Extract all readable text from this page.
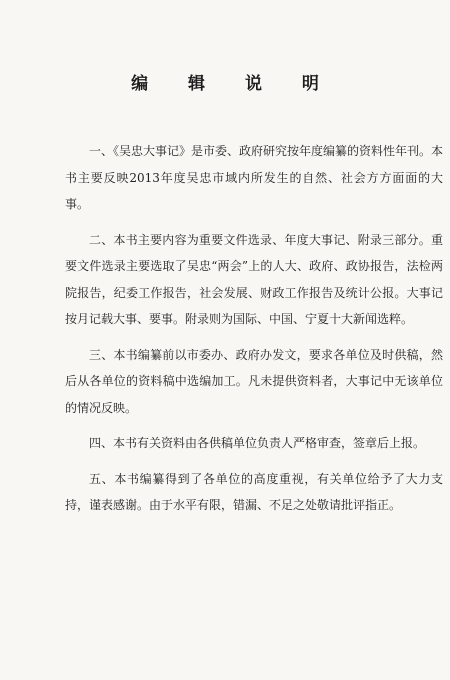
编 辑 说 明

一、《吴忠大事记》是市委、政府研究按年度编纂的资料性年刊。本书主要反映2013年度吴忠市域内所发生的自然、社会方方面面的大事。

二、本书主要内容为重要文件选录、年度大事记、附录三部分。重要文件选录主要选取了吴忠“两会”上的人大、政府、政协报告，法检两院报告，纪委工作报告，社会发展、财政工作报告及统计公报。大事记按月记载大事、要事。附录则为国际、中国、宁夏十大新闻选粹。

三、本书编纂前以市委办、政府办发文，要求各单位及时供稿，然后从各单位的资料稿中选编加工。凡未提供资料者，大事记中无该单位的情况反映。

四、本书有关资料由各供稿单位负责人严格审查，签章后上报。

五、本书编纂得到了各单位的高度重视，有关单位给予了大力支持，谨表感谢。由于水平有限，错漏、不足之处敬请批评指正。
